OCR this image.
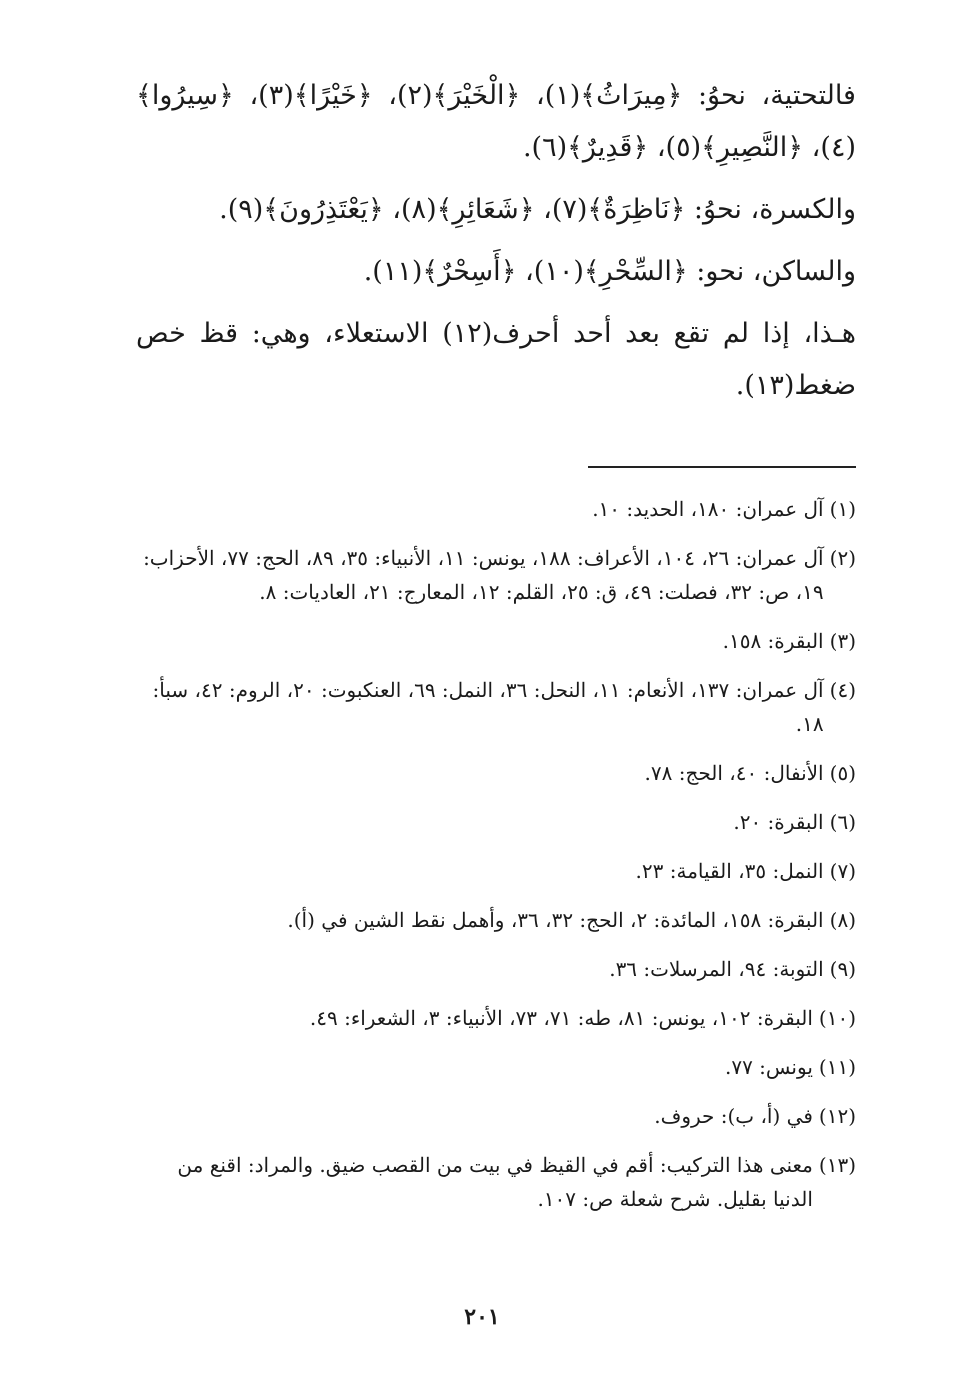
فالتحتية، نحوُ: ﴿مِيرَاثُ﴾(١)، ﴿الْخَيْرَ﴾(٢)، ﴿خَيْرًا﴾(٣)، ﴿سِيرُوا﴾(٤)، ﴿النَّصِيرِ﴾(٥)، ﴿قَدِيرٌ﴾(٦).

والكسرة، نحوُ: ﴿نَاظِرَةٌ﴾(٧)، ﴿شَعَائِرِ﴾(٨)، ﴿يَعْتَذِرُونَ﴾(٩).

والساكن، نحو: ﴿السِّحْرِ﴾(١٠)، ﴿أَسِحْرٌ﴾(١١).

هـذا، إذا لم تقع بعد أحد أحرف(١٢) الاستعلاء، وهي: قظ خص ضغط(١٣).

(١)
آل عمران: ١٨٠، الحديد: ١٠.
(٢)
آل عمران: ٢٦، ١٠٤، الأعراف: ١٨٨، يونس: ١١، الأنبياء: ٣٥، ٨٩، الحج: ٧٧، الأحزاب: ١٩، ص: ٣٢، فصلت: ٤٩، ق: ٢٥، القلم: ١٢، المعارج: ٢١، العاديات: ٨.
(٣)
البقرة: ١٥٨.
(٤)
آل عمران: ١٣٧، الأنعام: ١١، النحل: ٣٦، النمل: ٦٩، العنكبوت: ٢٠، الروم: ٤٢، سبأ: ١٨.
(٥)
الأنفال: ٤٠، الحج: ٧٨.
(٦)
البقرة: ٢٠.
(٧)
النمل: ٣٥، القيامة: ٢٣.
(٨)
البقرة: ١٥٨، المائدة: ٢، الحج: ٣٢، ٣٦، وأهمل نقط الشين في (أ).
(٩)
التوبة: ٩٤، المرسلات: ٣٦.
(١٠)
البقرة: ١٠٢، يونس: ٨١، طه: ٧١، ٧٣، الأنبياء: ٣، الشعراء: ٤٩.
(١١)
يونس: ٧٧.
(١٢)
في (أ، ب): حروف.
(١٣)
معنى هذا التركيب: أقم في القيظ في بيت من القصب ضيق. والمراد: اقنع من الدنيا بقليل. شرح شعلة ص: ١٠٧.
٢٠١
